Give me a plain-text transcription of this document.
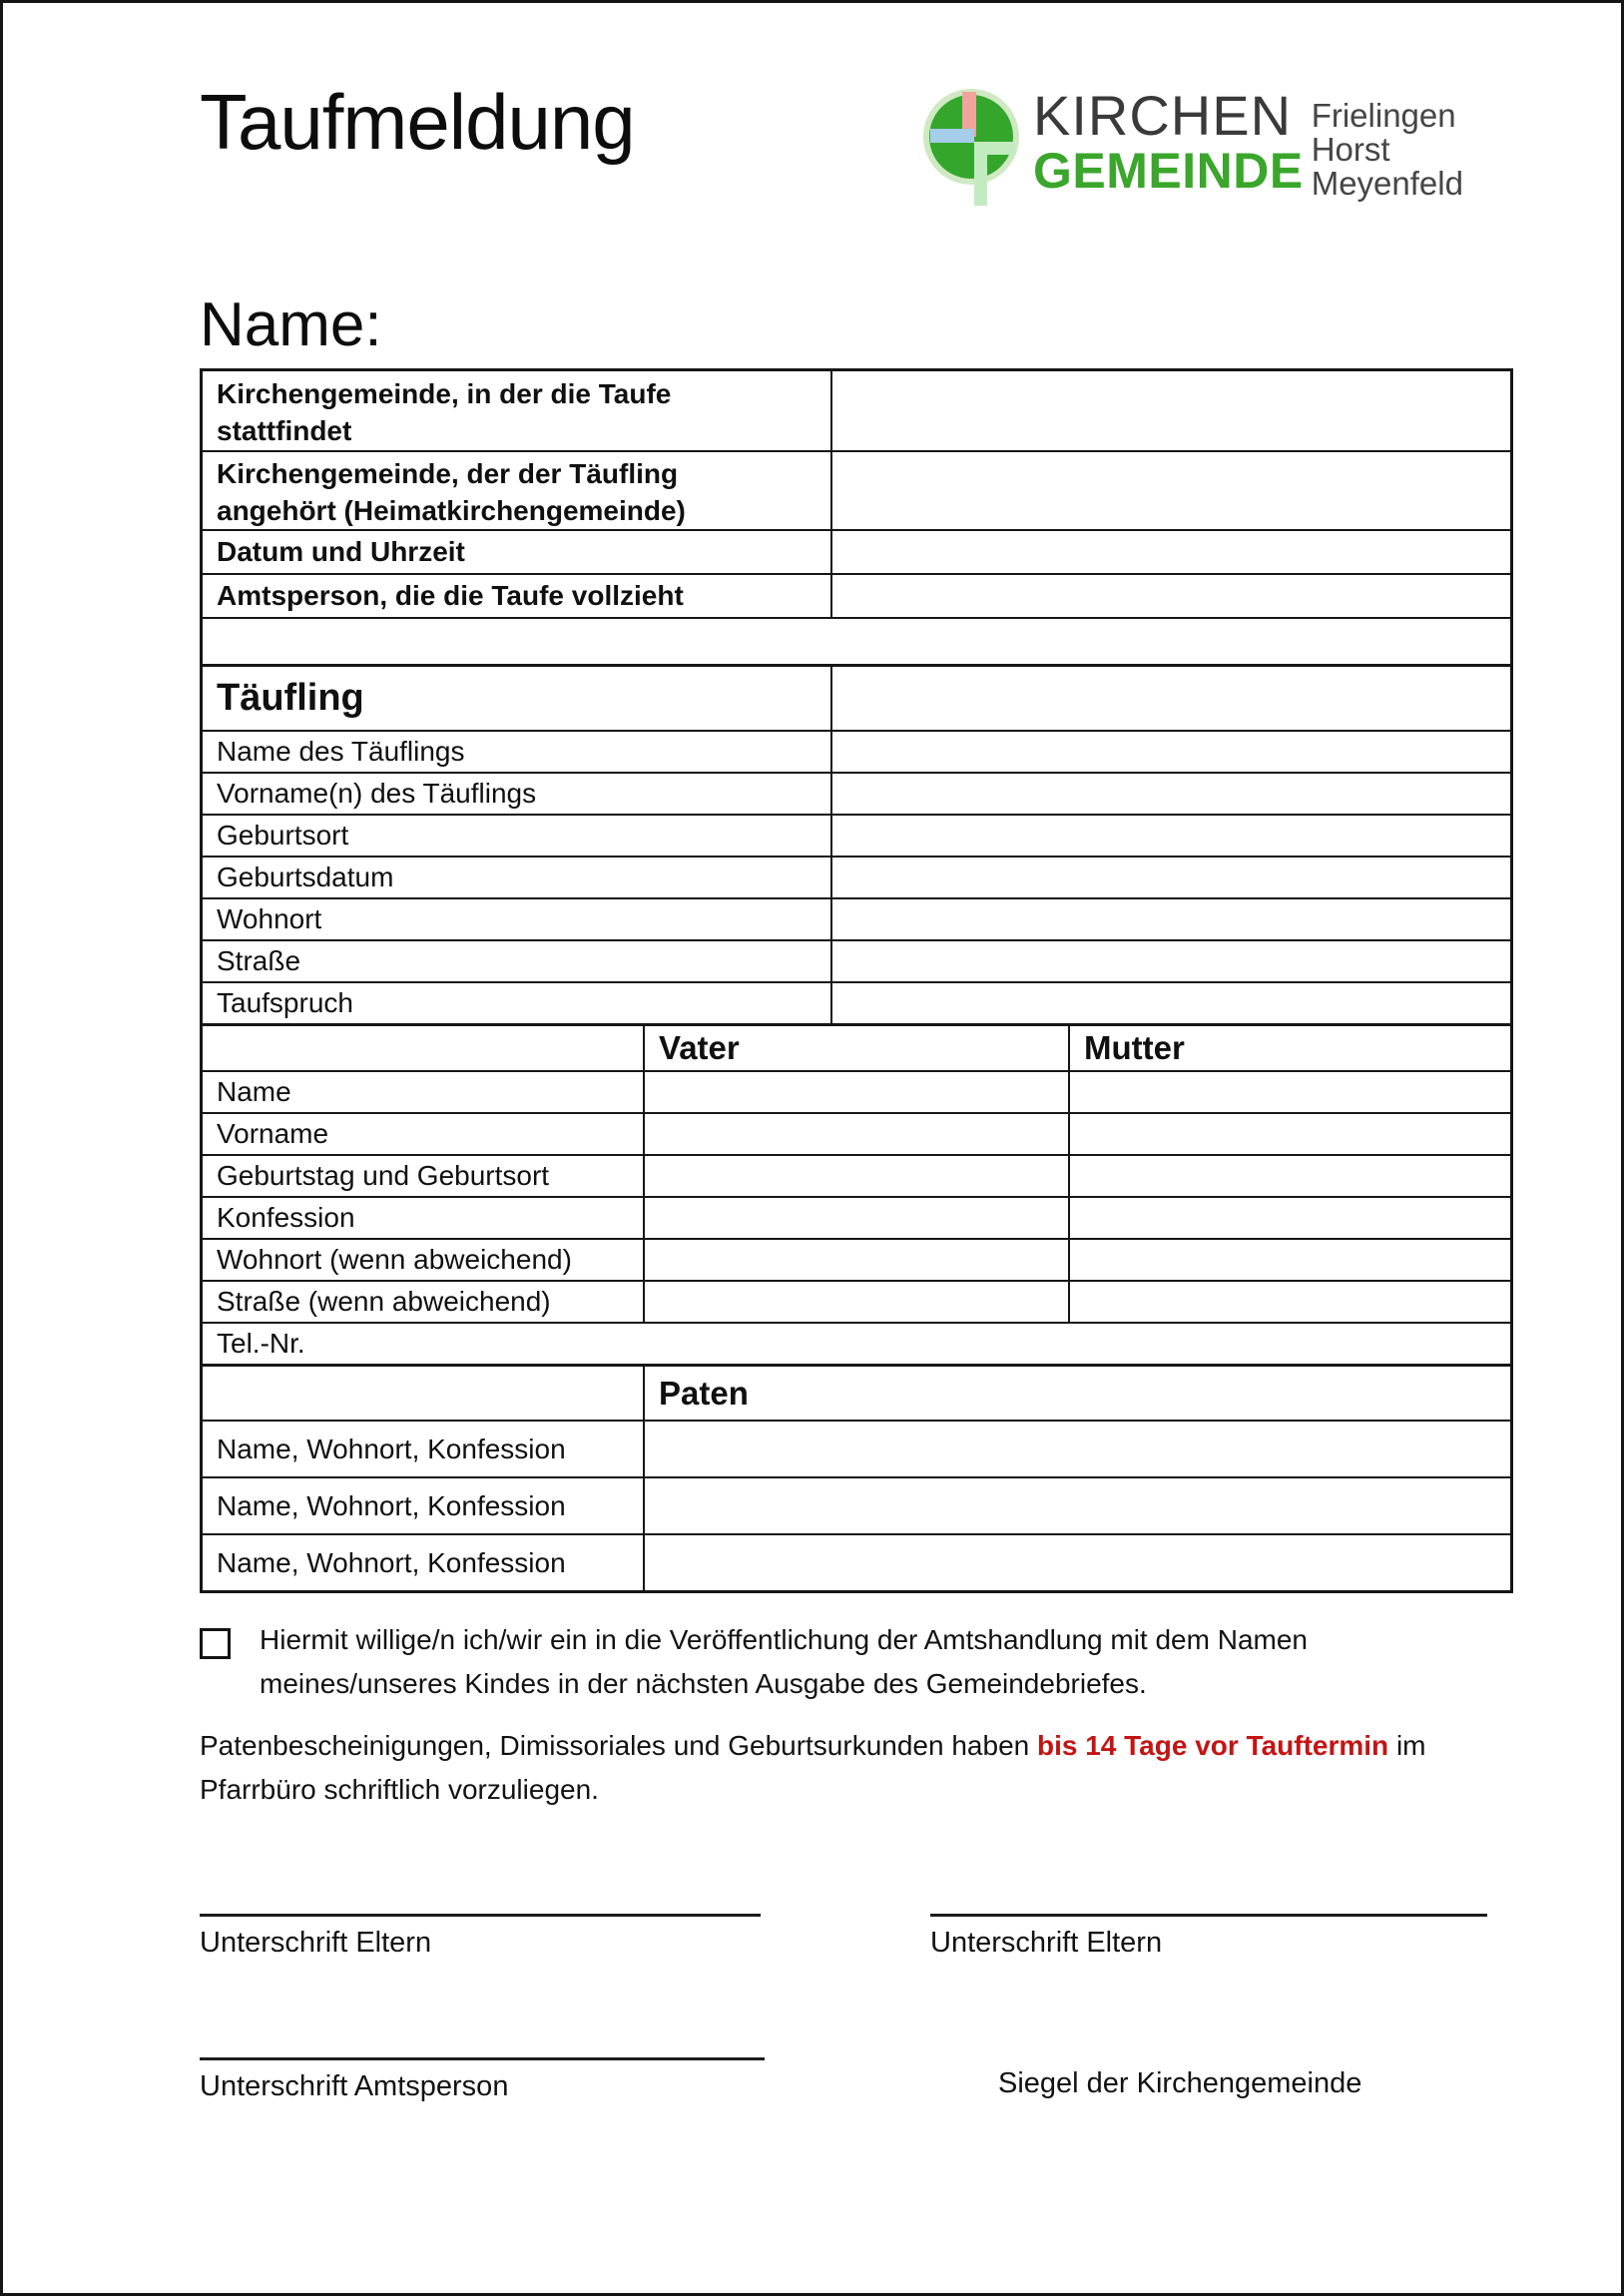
Taufmeldung	KIRCHEN
GEMEINDE
Frielingen
Horst
Meyenfeld
Name:
Kirchengemeinde, in der die Taufe
stattfindet
Kirchengemeinde, der der Täufling
angehört (Heimatkirchengemeinde)
Datum und Uhrzeit
Amtsperson, die die Taufe vollzieht
Täufling
Name des Täuflings
Vorname(n) des Täuflings
Geburtsort
Geburtsdatum
Wohnort
Straße
Taufspruch
Vater	Mutter
Name
Vorname
Geburtstag und Geburtsort
Konfession
Wohnort (wenn abweichend)
Straße (wenn abweichend)
Tel.-Nr.
Paten
Name, Wohnort, Konfession
Name, Wohnort, Konfession
Name, Wohnort, Konfession
Hiermit willige/n ich/wir ein in die Veröffentlichung der Amtshandlung mit dem Namen
meines/unseres Kindes in der nächsten Ausgabe des Gemeindebriefes.
Patenbescheinigungen, Dimissoriales und Geburtsurkunden haben bis 14 Tage vor Tauftermin im
Pfarrbüro schriftlich vorzuliegen.
Unterschrift Eltern	Unterschrift Eltern
Unterschrift Amtsperson	Siegel der Kirchengemeinde
